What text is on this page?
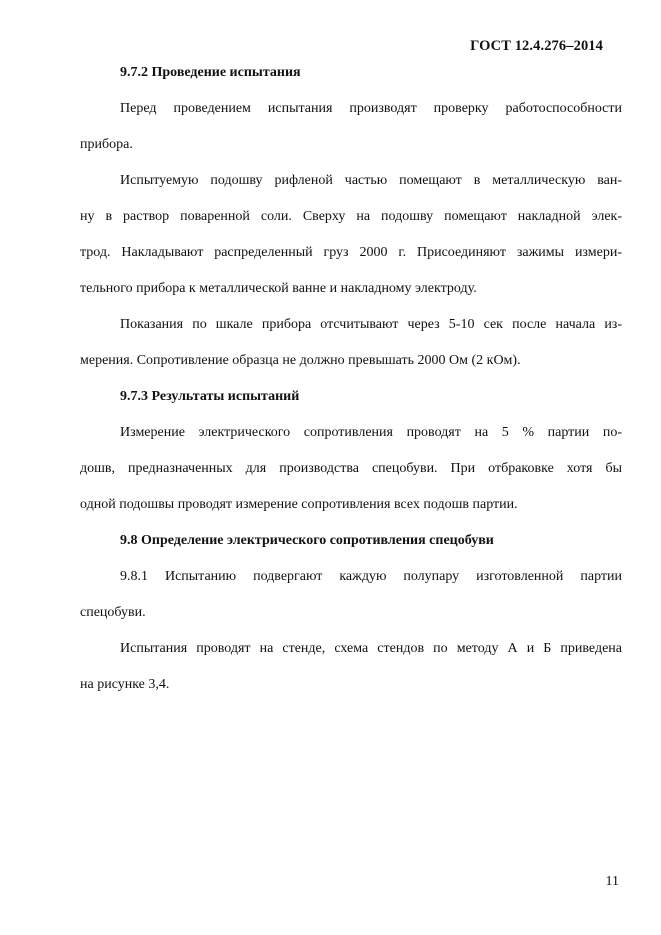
ГОСТ 12.4.276–2014
9.7.2 Проведение испытания
Перед проведением испытания производят проверку работоспособности
прибора.
Испытуемую подошву рифленой частью помещают в металлическую ван-
ну в раствор поваренной соли. Сверху на подошву помещают накладной элек-
трод. Накладывают распределенный груз 2000 г. Присоединяют зажимы измери-
тельного прибора к металлической ванне и накладному электроду.
Показания по шкале прибора отсчитывают через 5-10 сек после начала из-
мерения. Сопротивление образца не должно превышать 2000 Ом (2 кОм).
9.7.3 Результаты испытаний
Измерение электрического сопротивления проводят на 5 % партии по-
дошв, предназначенных для производства спецобуви. При отбраковке хотя бы
одной подошвы проводят измерение сопротивления всех подошв партии.
9.8 Определение электрического сопротивления спецобуви
9.8.1 Испытанию подвергают каждую полупару изготовленной партии
спецобуви.
Испытания проводят на стенде, схема стендов по методу А и Б приведена
на рисунке 3,4.
11
